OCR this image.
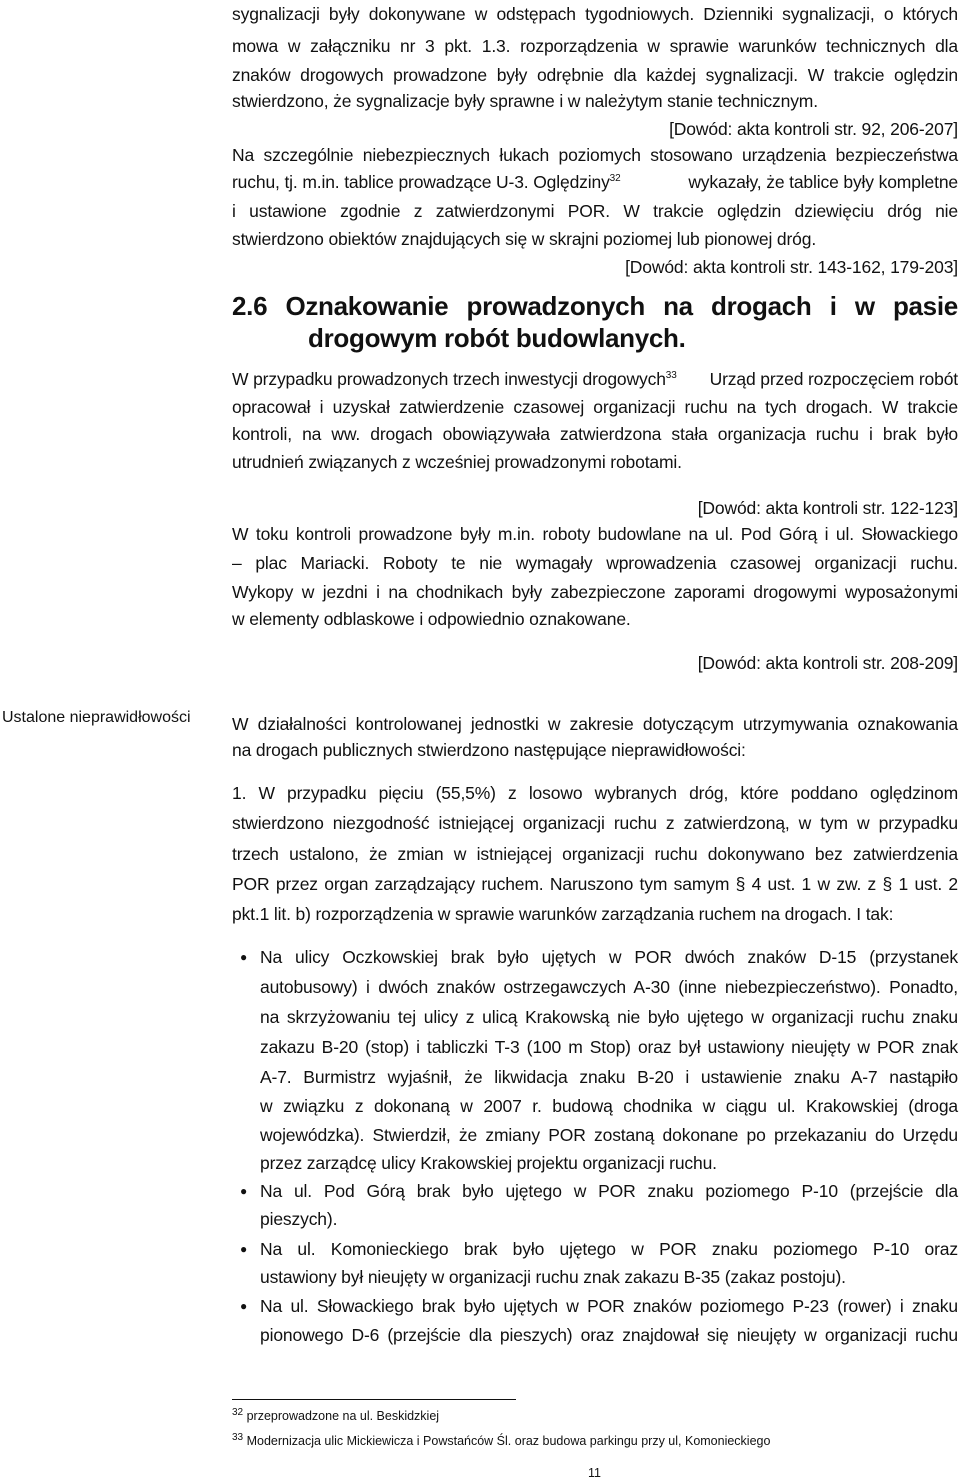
sygnalizacji były dokonywane w odstępach tygodniowych. Dzienniki sygnalizacji, o których
mowa w załączniku nr 3 pkt. 1.3. rozporządzenia w sprawie warunków technicznych dla
znaków drogowych prowadzone były odrębnie dla każdej sygnalizacji. W trakcie oględzin
stwierdzono, że sygnalizacje były sprawne i w należytym stanie technicznym.
[Dowód: akta kontroli str. 92, 206-207]
Na szczególnie niebezpiecznych łukach poziomych stosowano urządzenia bezpieczeństwa
ruchu, tj. m.in. tablice prowadzące U-3. Oględziny$^{32}$	wykazały, że tablice były kompletne
i ustawione zgodnie z zatwierdzonymi POR. W trakcie oględzin dziewięciu dróg nie
stwierdzono obiektów znajdujących się w skrajni poziomej lub pionowej dróg.
[Dowód: akta kontroli str. 143-162, 179-203]
2.6 Oznakowanie prowadzonych na drogach i w pasie
drogowym robót budowlanych.
W przypadku prowadzonych trzech inwestycji drogowych$^{33}$ Urząd przed rozpoczęciem robót
opracował i uzyskał zatwierdzenie czasowej organizacji ruchu na tych drogach. W trakcie
kontroli, na ww. drogach obowiązywała zatwierdzona stała organizacja ruchu i brak było
utrudnień związanych z wcześniej prowadzonymi robotami.
[Dowód: akta kontroli str. 122-123]
W toku kontroli prowadzone były m.in. roboty budowlane na ul. Pod Górą i ul. Słowackiego
– plac Mariacki. Roboty te nie wymagały wprowadzenia czasowej organizacji ruchu.
Wykopy w jezdni i na chodnikach były zabezpieczone zaporami drogowymi wyposażonymi
w elementy odblaskowe i odpowiednio oznakowane.
[Dowód: akta kontroli str. 208-209]
W działalności kontrolowanej jednostki w zakresie dotyczącym utrzymywania oznakowania
na drogach publicznych stwierdzono następujące nieprawidłowości:
1. W przypadku pięciu (55,5%) z losowo wybranych dróg, które poddano oględzinom
stwierdzono niezgodność istniejącej organizacji ruchu z zatwierdzoną, w tym w przypadku
trzech ustalono, że zmian w istniejącej organizacji ruchu dokonywano bez zatwierdzenia
POR przez organ zarządzający ruchem. Naruszono tym samym § 4 ust. 1 w zw. z § 1 ust. 2
pkt.1 lit. b) rozporządzenia w sprawie warunków zarządzania ruchem na drogach. I tak:
● Na ulicy Oczkowskiej brak było ujętych w POR dwóch znaków D-15 (przystanek
autobusowy) i dwóch znaków ostrzegawczych A-30 (inne niebezpieczeństwo). Ponadto,
na skrzyżowaniu tej ulicy z ulicą Krakowską nie było ujętego w organizacji ruchu znaku
zakazu B-20 (stop) i tabliczki T-3 (100 m Stop) oraz był ustawiony nieujęty w POR znak
A-7. Burmistrz wyjaśnił, że likwidacja znaku B-20 i ustawienie znaku A-7 nastąpiło
w związku z dokonaną w 2007 r. budową chodnika w ciągu ul. Krakowskiej (droga
wojewódzka). Stwierdził, że zmiany POR zostaną dokonane po przekazaniu do Urzędu
przez zarządcę ulicy Krakowskiej projektu organizacji ruchu.
● Na ul. Pod Górą brak było ujętego w POR znaku poziomego P-10 (przejście dla
pieszych).
● Na ul. Komonieckiego brak było ujętego w POR znaku poziomego P-10 oraz
ustawiony był nieujęty w organizacji ruchu znak zakazu B-35 (zakaz postoju).
● Na ul. Słowackiego brak było ujętych w POR znaków poziomego P-23 (rower) i znaku
pionowego D-6 (przejście dla pieszych) oraz znajdował się nieujęty w organizacji ruchu
Ustalone nieprawidłowości
$^{32}$ przeprowadzone na ul. Beskidzkiej
$^{33}$ Modernizacja ulic Mickiewicza i Powstańców Śl. oraz budowa parkingu przy ul, Komonieckiego
11
